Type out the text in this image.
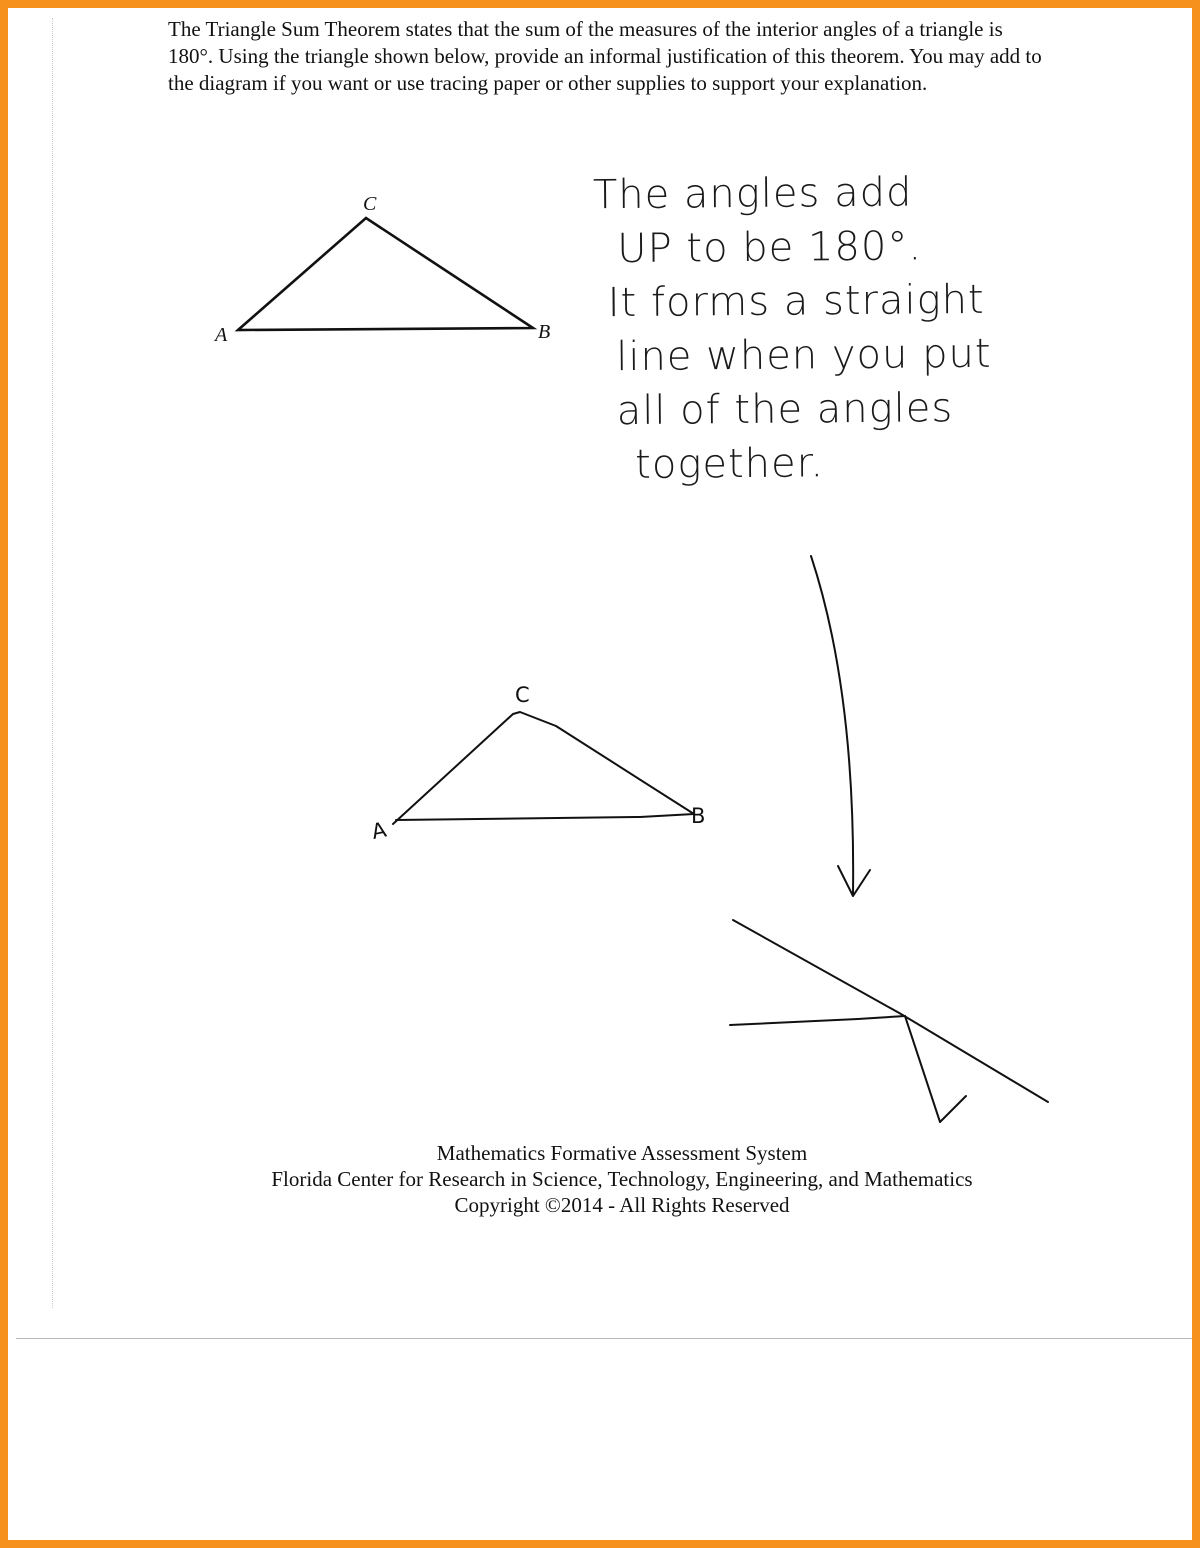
The Triangle Sum Theorem states that the sum of the measures of the interior angles of a triangle is 180°. Using the triangle shown below, provide an informal justification of this theorem. You may add to the diagram if you want or use tracing paper or other supplies to support your explanation.

The angles add
UP to be 180°.
It forms a straight
line when you put
all of the angles
together.
C
A	B
C
A
B
Mathematics Formative Assessment System
Florida Center for Research in Science, Technology, Engineering, and Mathematics
Copyright ©2014 - All Rights Reserved
